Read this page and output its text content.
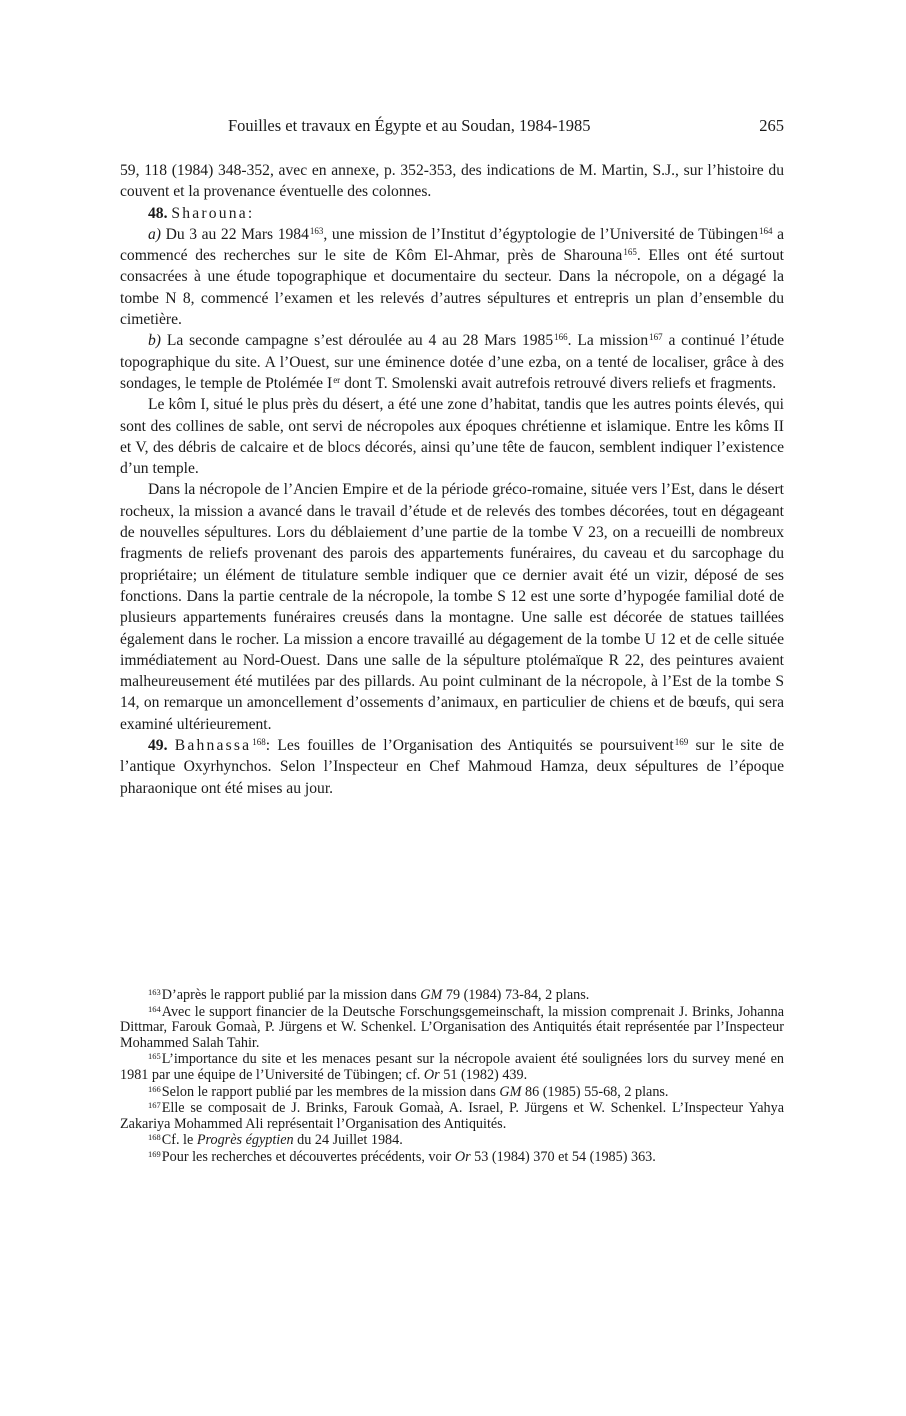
Fouilles et travaux en Égypte et au Soudan, 1984-1985	265

59, 118 (1984) 348-352, avec en annexe, p. 352-353, des indications de M. Martin, S.J., sur l’histoire du couvent et la provenance éventuelle des colonnes.

48. Sharouna:

a) Du 3 au 22 Mars 1984$^{163}$, une mission de l’Institut d’égyptologie de l’Université de Tübingen$^{164}$ a commencé des recherches sur le site de Kôm El-Ahmar, près de Sharouna$^{165}$. Elles ont été surtout consacrées à une étude topographique et documentaire du secteur. Dans la nécropole, on a dégagé la tombe N 8, commencé l’examen et les relevés d’autres sépultures et entrepris un plan d’ensemble du cimetière.

b) La seconde campagne s’est déroulée au 4 au 28 Mars 1985$^{166}$. La mission$^{167}$ a continué l’étude topographique du site. A l’Ouest, sur une éminence dotée d’une ezba, on a tenté de localiser, grâce à des sondages, le temple de Ptolémée Ier dont T. Smolenski avait autrefois retrouvé divers reliefs et fragments.

Le kôm I, situé le plus près du désert, a été une zone d’habitat, tandis que les autres points élevés, qui sont des collines de sable, ont servi de nécropoles aux époques chrétienne et islamique. Entre les kôms II et V, des débris de calcaire et de blocs décorés, ainsi qu’une tête de faucon, semblent indiquer l’existence d’un temple.

Dans la nécropole de l’Ancien Empire et de la période gréco-romaine, située vers l’Est, dans le désert rocheux, la mission a avancé dans le travail d’étude et de relevés des tombes décorées, tout en dégageant de nouvelles sépultures. Lors du déblaiement d’une partie de la tombe V 23, on a recueilli de nombreux fragments de reliefs provenant des parois des appartements funéraires, du caveau et du sarcophage du propriétaire; un élément de titulature semble indiquer que ce dernier avait été un vizir, déposé de ses fonctions. Dans la partie centrale de la nécropole, la tombe S 12 est une sorte d’hypogée familial doté de plusieurs appartements funéraires creusés dans la montagne. Une salle est décorée de statues taillées également dans le rocher. La mission a encore travaillé au dégagement de la tombe U 12 et de celle située immédiatement au Nord-Ouest. Dans une salle de la sépulture ptolémaïque R 22, des peintures avaient malheureusement été mutilées par des pillards. Au point culminant de la nécropole, à l’Est de la tombe S 14, on remarque un amoncellement d’ossements d’animaux, en particulier de chiens et de bœufs, qui sera examiné ultérieurement.

49. Bahnassa$^{168}$: Les fouilles de l’Organisation des Antiquités se poursuivent$^{169}$ sur le site de l’antique Oxyrhynchos. Selon l’Inspecteur en Chef Mahmoud Hamza, deux sépultures de l’époque pharaonique ont été mises au jour.

$^{163}$D’après le rapport publié par la mission dans GM 79 (1984) 73-84, 2 plans.

$^{164}$Avec le support financier de la Deutsche Forschungsgemeinschaft, la mission comprenait J. Brinks, Johanna Dittmar, Farouk Gomaà, P. Jürgens et W. Schenkel. L’Organisation des Antiquités était représentée par l’Inspecteur Mohammed Salah Tahir.

$^{165}$L’importance du site et les menaces pesant sur la nécropole avaient été soulignées lors du survey mené en 1981 par une équipe de l’Université de Tübingen; cf. Or 51 (1982) 439.

$^{166}$Selon le rapport publié par les membres de la mission dans GM 86 (1985) 55-68, 2 plans.

$^{167}$Elle se composait de J. Brinks, Farouk Gomaà, A. Israel, P. Jürgens et W. Schenkel. L’Inspecteur Yahya Zakariya Mohammed Ali représentait l’Organisation des Antiquités.

$^{168}$Cf. le Progrès égyptien du 24 Juillet 1984.

$^{169}$Pour les recherches et découvertes précédents, voir Or 53 (1984) 370 et 54 (1985) 363.
